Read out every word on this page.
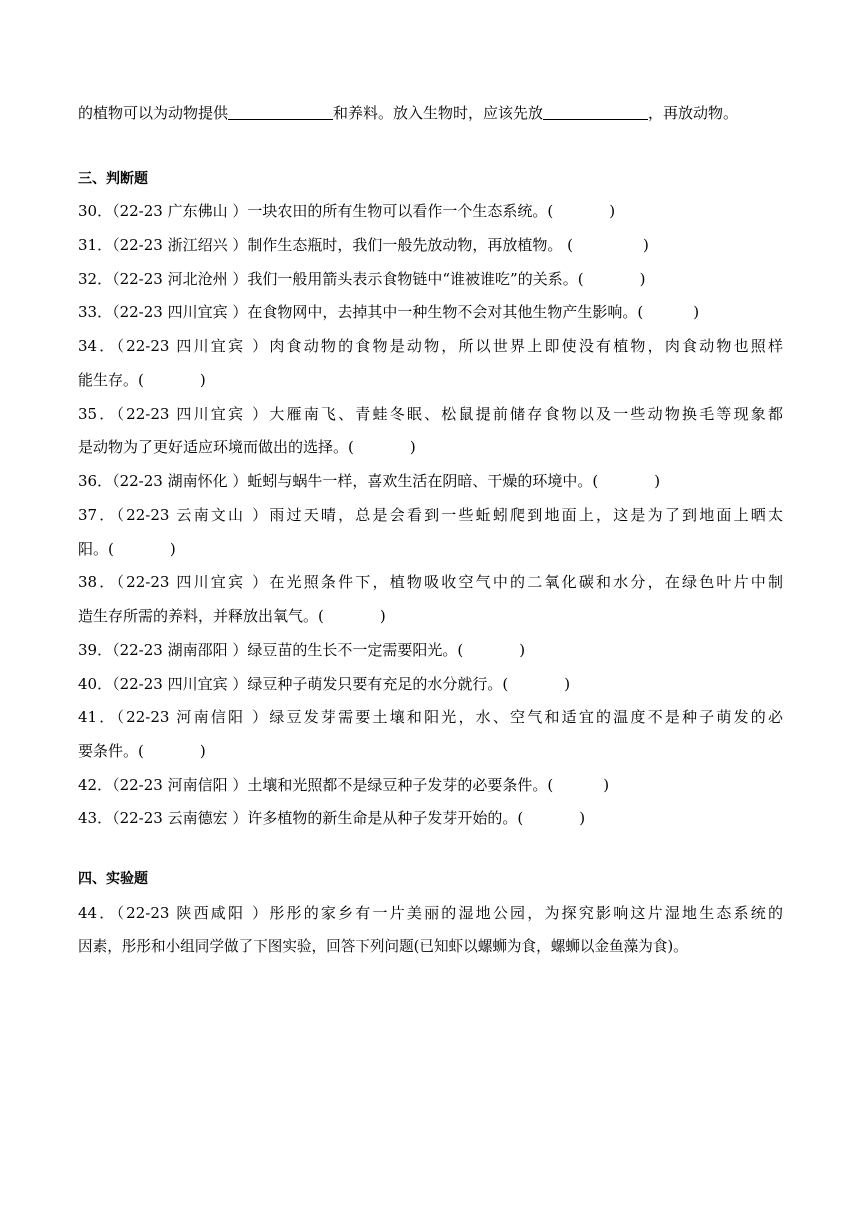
的植物可以为动物提供	和养料。放入生物时，应该先放	，再放动物。
三、判断题
30．（22-23 广东佛山 ）一块农田的所有生物可以看作一个生态系统。(	)
31．（22-23 浙江绍兴 ）制作生态瓶时，我们一般先放动物，再放植物。 (	)
32．（22-23 河北沧州 ）我们一般用箭头表示食物链中“谁被谁吃”的关系。(	)
33．（22-23 四川宜宾 ）在食物网中，去掉其中一种生物不会对其他生物产生影响。(	)
34．（22-23 四川宜宾 ）肉食动物的食物是动物，所以世界上即使没有植物，肉食动物也照样
能生存。(	)
35．（22-23 四川宜宾 ）大雁南飞、青蛙冬眠、松鼠提前储存食物以及一些动物换毛等现象都
是动物为了更好适应环境而做出的选择。(	)
36．（22-23 湖南怀化 ）蚯蚓与蜗牛一样，喜欢生活在阴暗、干燥的环境中。(	)
37．（22-23 云南文山 ）雨过天晴，总是会看到一些蚯蚓爬到地面上，这是为了到地面上晒太
阳。(	)
38．（22-23 四川宜宾 ）在光照条件下，植物吸收空气中的二氧化碳和水分，在绿色叶片中制
造生存所需的养料，并释放出氧气。(	)
39．（22-23 湖南邵阳 ）绿豆苗的生长不一定需要阳光。(	)
40．（22-23 四川宜宾 ）绿豆种子萌发只要有充足的水分就行。(	)
41．（22-23 河南信阳 ）绿豆发芽需要土壤和阳光，水、空气和适宜的温度不是种子萌发的必
要条件。(	)
42．（22-23 河南信阳 ）土壤和光照都不是绿豆种子发芽的必要条件。(	)
43．（22-23 云南德宏 ）许多植物的新生命是从种子发芽开始的。(	)
四、实验题
44．（22-23 陕西咸阳 ）彤彤的家乡有一片美丽的湿地公园，为探究影响这片湿地生态系统的
因素，彤彤和小组同学做了下图实验，回答下列问题(已知虾以螺蛳为食，螺蛳以金鱼藻为食)。
